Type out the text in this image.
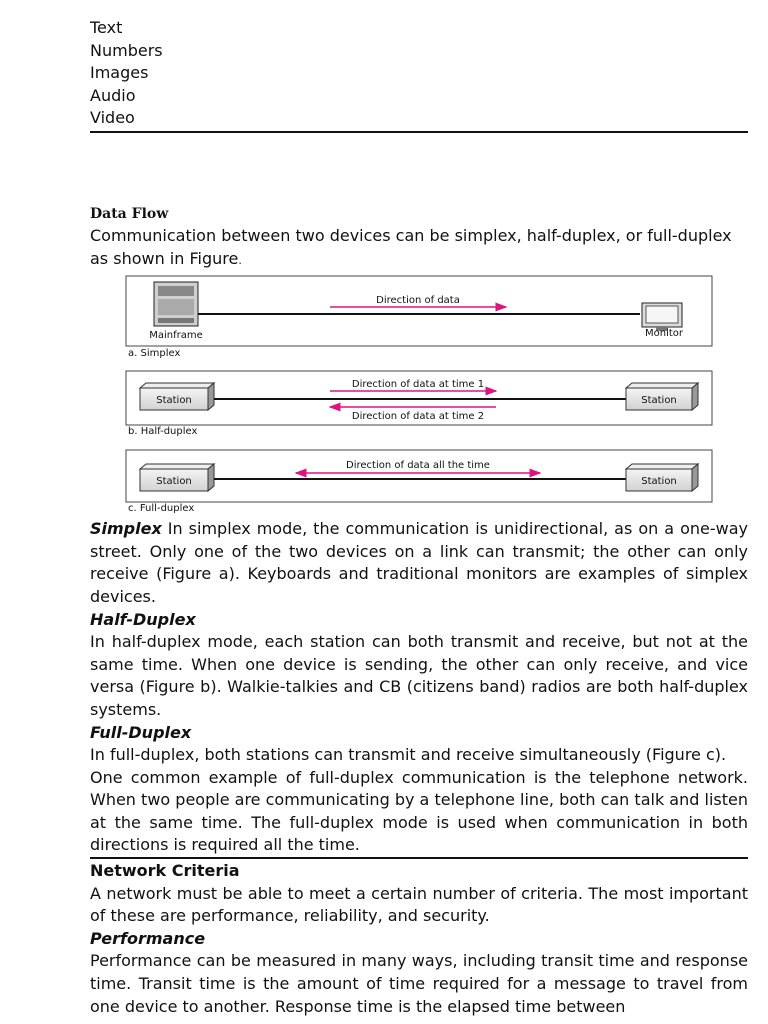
Text
Numbers
Images
Audio
Video
Data Flow

Communication between two devices can be simplex, half-duplex, or full-duplex as shown in Figure.

Direction of data
Mainframe	Monitor
a. Simplex
Station
Direction of data at time 1
Direction of data at time 2
Station
b. Half-duplex
Station
Direction of data all the time
Station
c. Full-duplex

Simplex In simplex mode, the communication is unidirectional, as on a one-way street. Only one of the two devices on a link can transmit; the other can only receive (Figure a). Keyboards and traditional monitors are examples of simplex devices.

Half-Duplex

In half-duplex mode, each station can both transmit and receive, but not at the same time. When one device is sending, the other can only receive, and vice versa (Figure b). Walkie-talkies and CB (citizens band) radios are both half-duplex systems.

Full-Duplex

In full-duplex, both stations can transmit and receive simultaneously (Figure c).

One common example of full-duplex communication is the telephone network. When two people are communicating by a telephone line, both can talk and listen at the same time. The full-duplex mode is used when communication in both directions is required all the time.

Network Criteria

A network must be able to meet a certain number of criteria. The most important of these are performance, reliability, and security.

Performance

Performance can be measured in many ways, including transit time and response time. Transit time is the amount of time required for a message to travel from one device to another. Response time is the elapsed time between
